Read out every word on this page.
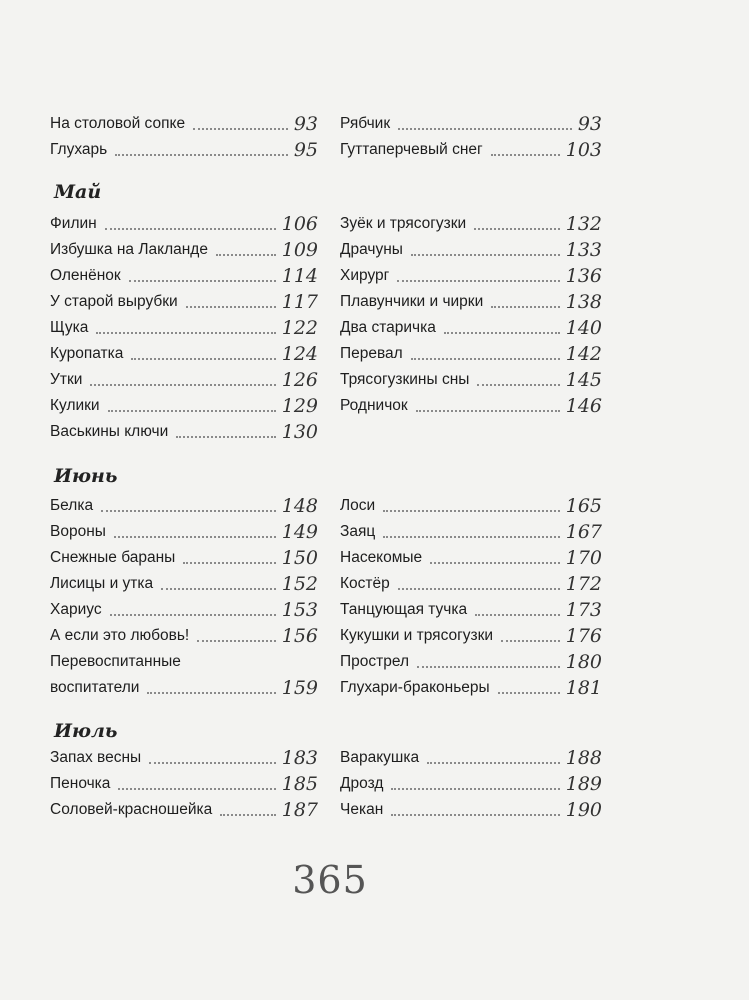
На столовой сопке	93
Глухарь	95
Рябчик	93
Гуттаперчевый снег	103
Май
Филин	106
Избушка на Лакланде	109
Оленёнок	114
У старой вырубки	117
Щука	122
Куропатка	124
Утки	126
Кулики	129
Васькины ключи	130
Зуёк и трясогузки	132
Драчуны	133
Хирург	136
Плавунчики и чирки	138
Два старичка	140
Перевал	142
Трясогузкины сны	145
Родничок	146
Июнь
Белка	148
Вороны	149
Снежные бараны	150
Лисицы и утка	152
Хариус	153
А если это любовь!	156
Перевоспитанные
воспитатели	159
Лоси	165
Заяц	167
Насекомые	170
Костёр	172
Танцующая тучка	173
Кукушки и трясогузки	176
Прострел	180
Глухари-браконьеры	181
Июль
Запах весны	183
Пеночка	185
Соловей-красношейка	187
Варакушка	188
Дрозд	189
Чекан	190
365
